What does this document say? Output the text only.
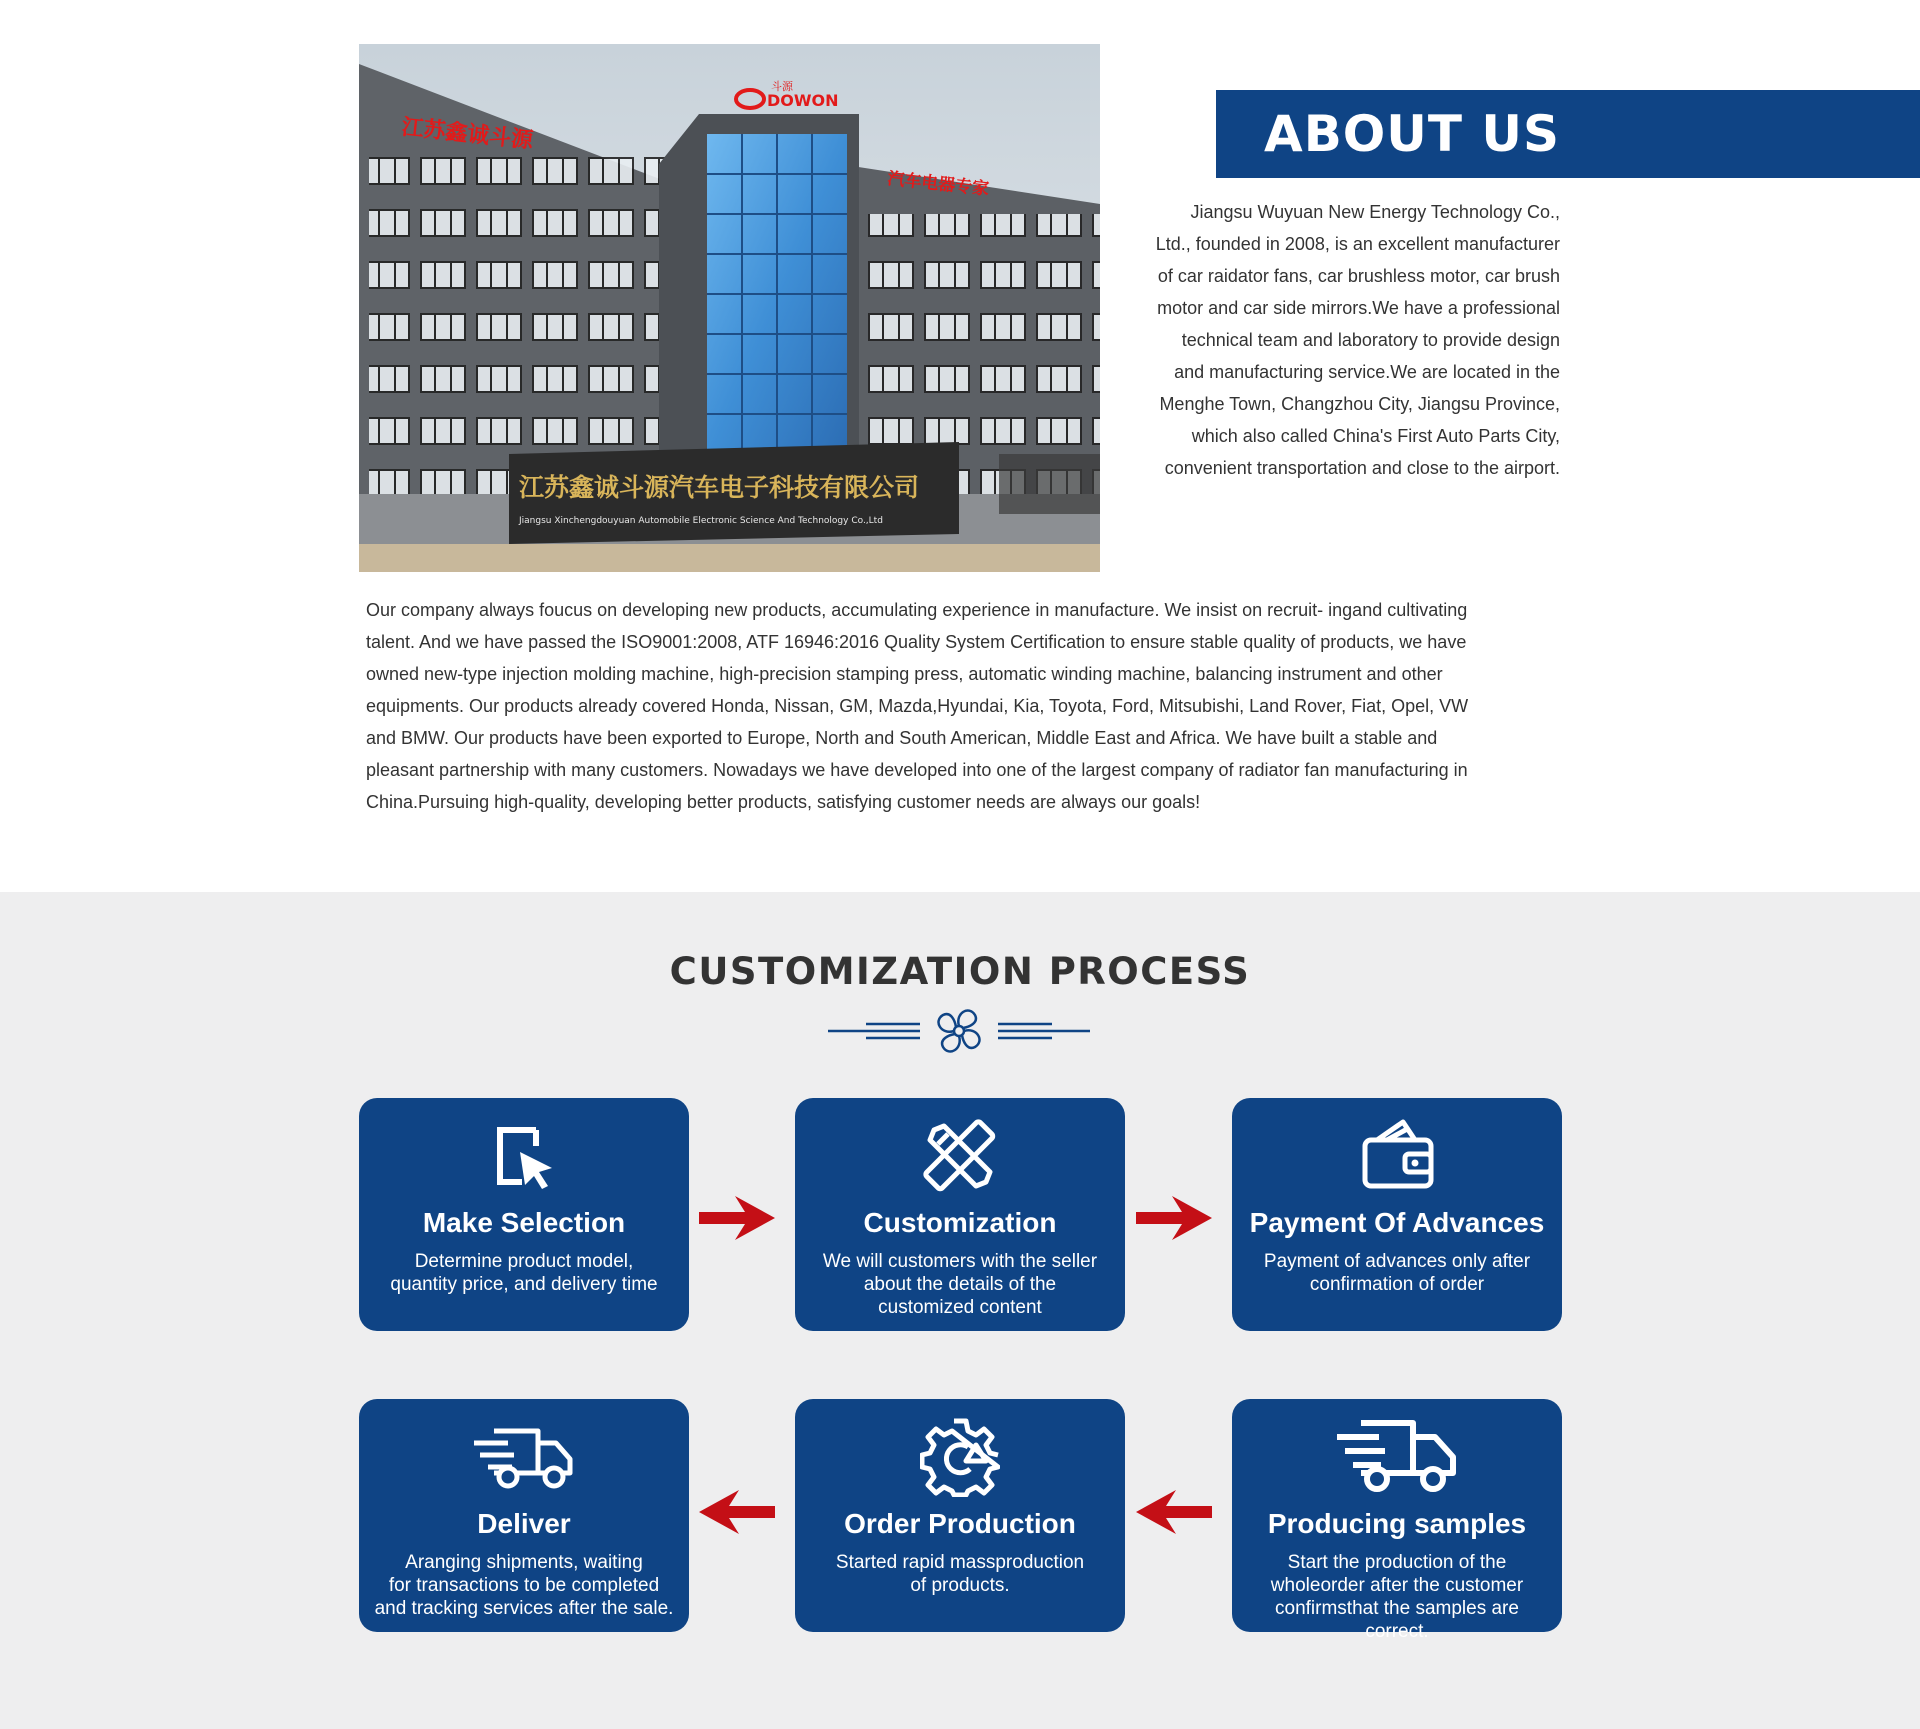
江苏鑫诚斗源
汽车电器专家
DOWON
斗源
江苏鑫诚斗源汽车电子科技有限公司
Jiangsu Xinchengdouyuan Automobile Electronic Science And Technology Co.,Ltd
ABOUT US

Jiangsu Wuyuan New Energy Technology Co.,
Ltd., founded in 2008, is an excellent manufacturer
of car raidator fans, car brushless motor, car brush
motor and car side mirrors.We have a professional
technical team and laboratory to provide design
and manufacturing service.We are located in the
Menghe Town, Changzhou City, Jiangsu Province,
which also called China's First Auto Parts City,
convenient transportation and close to the airport.

Our company always foucus on developing new products, accumulating experience in manufacture. We insist on recruit- ingand cultivating
talent. And we have passed the ISO9001:2008, ATF 16946:2016 Quality System Certification to ensure stable quality of products, we have
owned new-type injection molding machine, high-precision stamping press, automatic winding machine, balancing instrument and other
equipments. Our products already covered Honda, Nissan, GM, Mazda,Hyundai, Kia, Toyota, Ford, Mitsubishi, Land Rover, Fiat, Opel, VW
and BMW. Our products have been exported to Europe, North and South American, Middle East and Africa. We have built a stable and
pleasant partnership with many customers. Nowadays we have developed into one of the largest company of radiator fan manufacturing in
China.Pursuing high-quality, developing better products, satisfying customer needs are always our goals!

CUSTOMIZATION PROCESS
Make Selection

Determine product model,
quantity price, and delivery time

Customization

We will customers with the seller
about the details of the
customized content

Payment Of Advances

Payment of advances only after
confirmation of order

Deliver

Aranging shipments, waiting
for transactions to be completed
and tracking services after the sale.

Order Production

Started rapid massproduction
of products.

Producing samples

Start the production of the
wholeorder after the customer
confirmsthat the samples are correct.
